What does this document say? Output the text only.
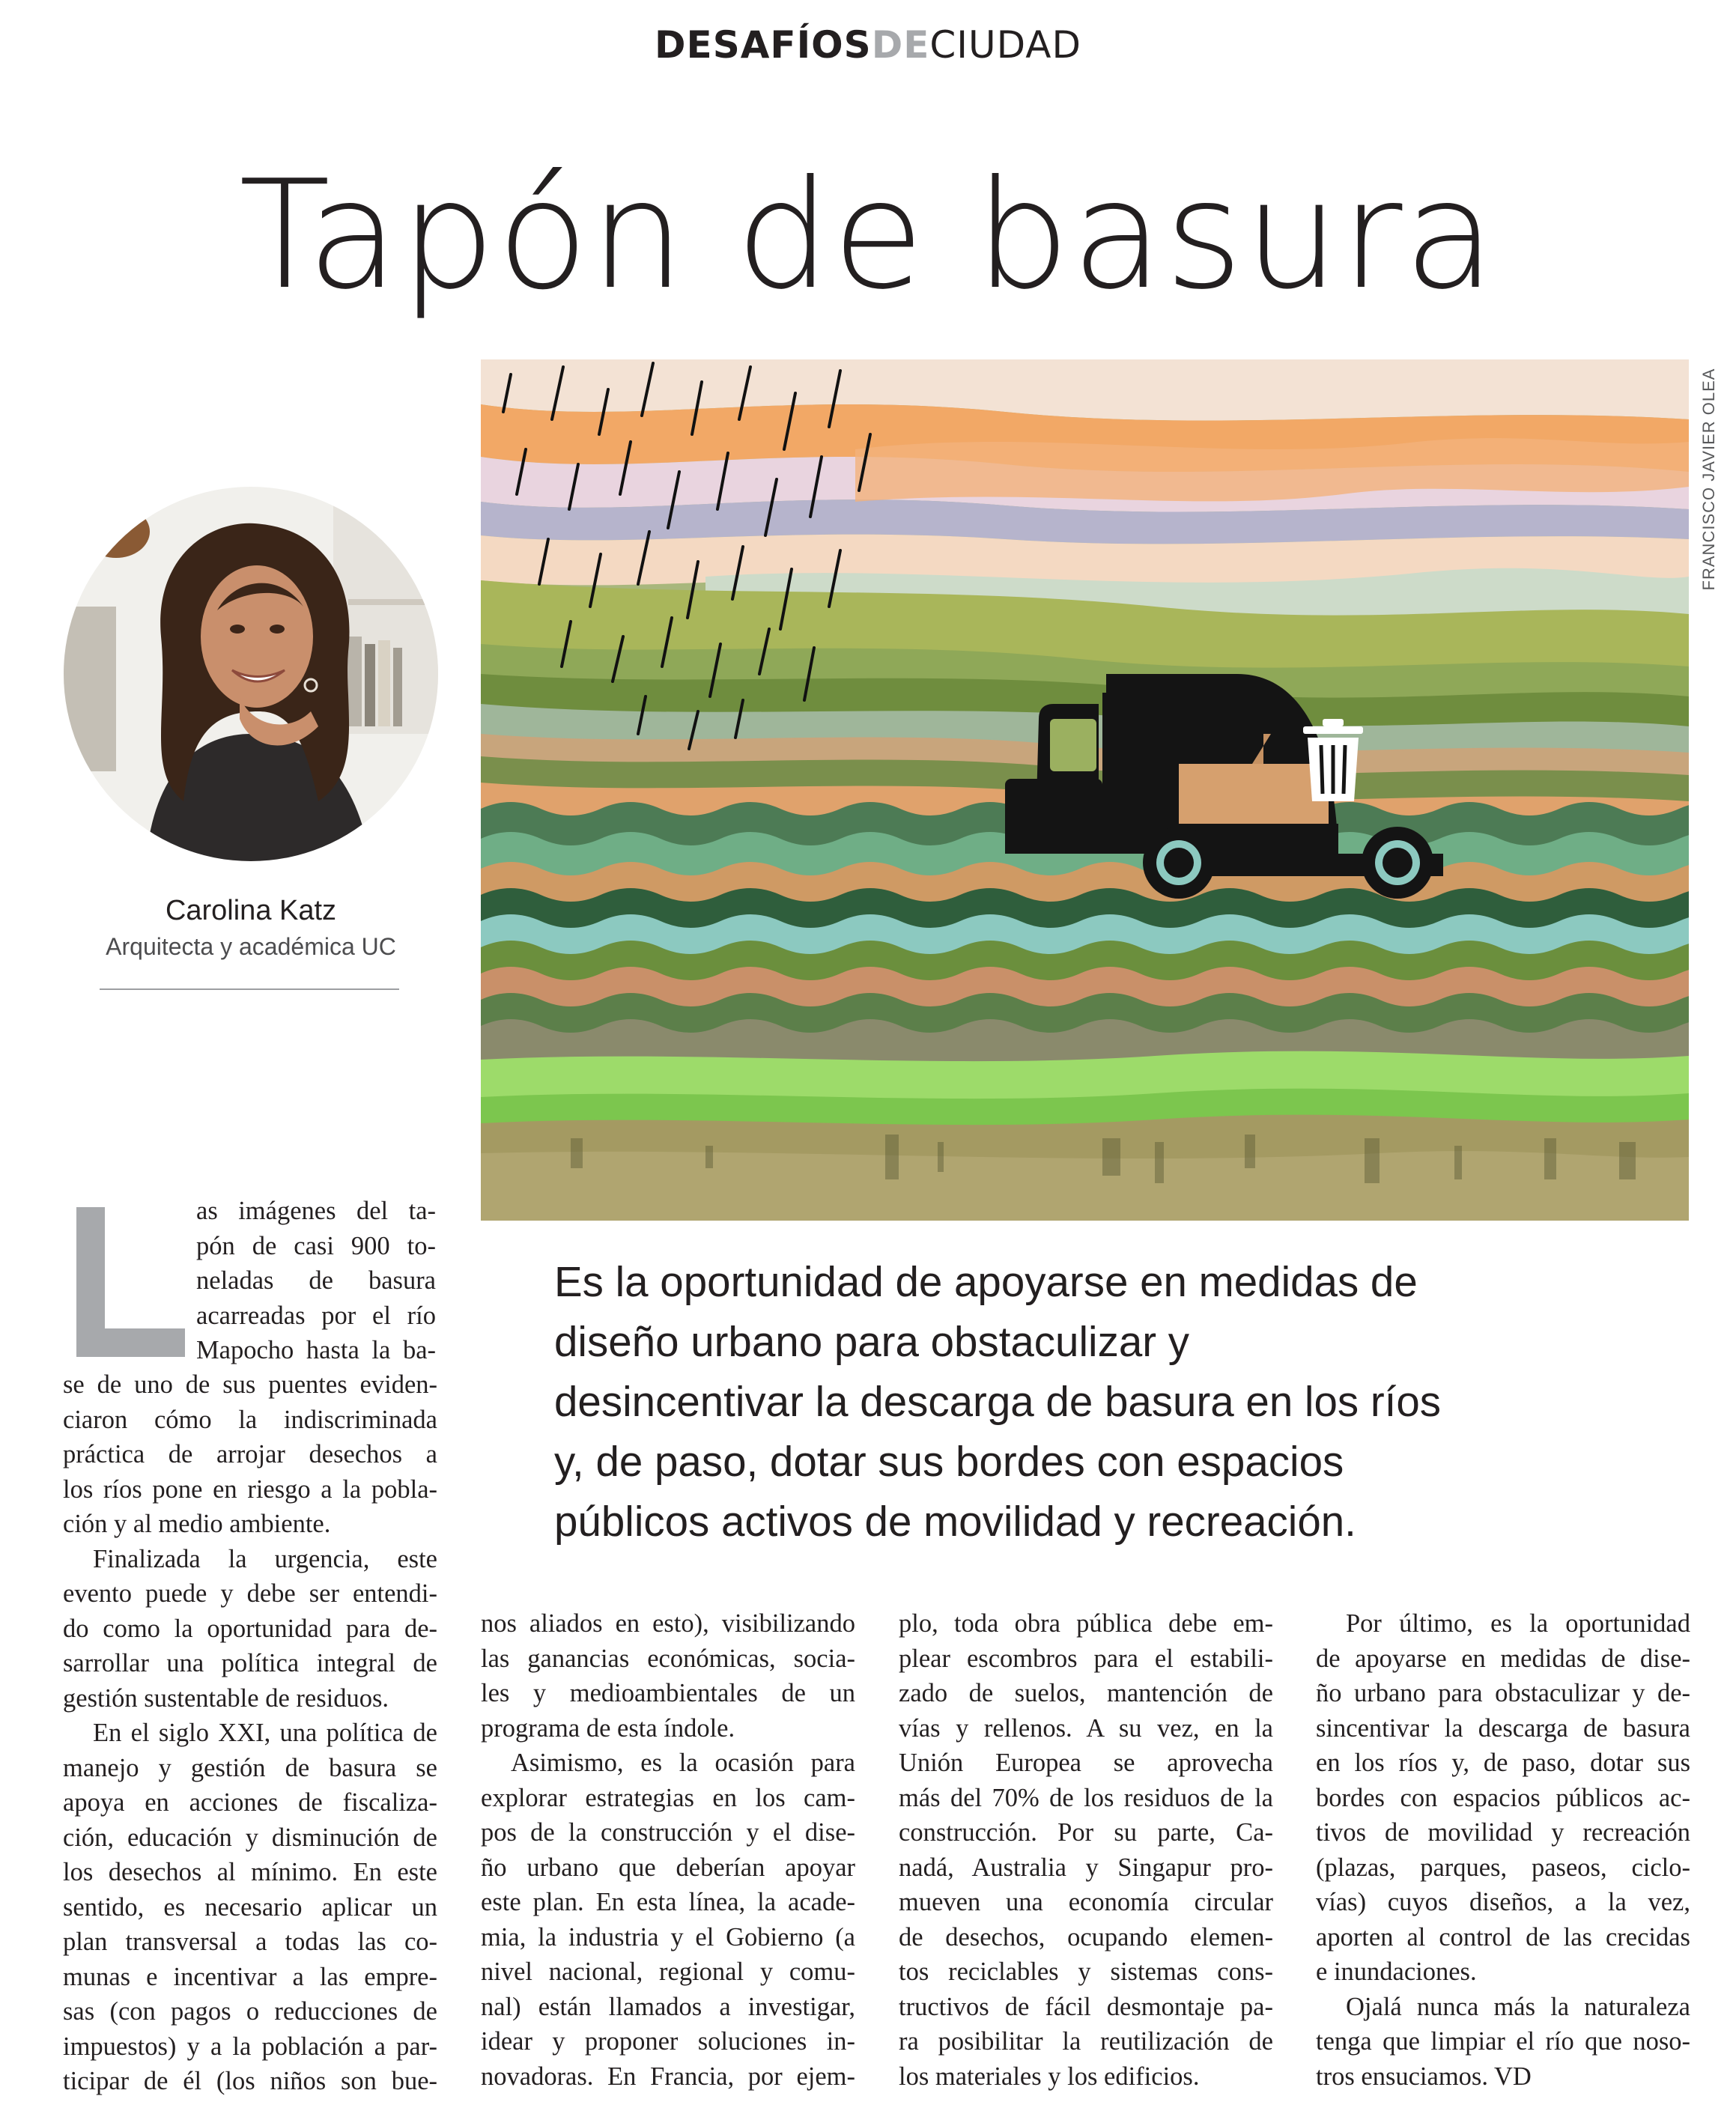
DESAFÍOSDECIUDAD
Tapón de basura
FRANCISCO JAVIER OLEA
Carolina Katz
Arquitecta y académica UC

Es la oportunidad de apoyarse en medidas de

diseño urbano para obstaculizar y

desincentivar la descarga de basura en los ríos

y, de paso, dotar sus bordes con espacios

públicos activos de movilidad y recreación.

as imágenes del ta-

pón de casi 900 to-

neladas de basura

acarreadas por el río

Mapocho hasta la ba-

se de uno de sus puentes eviden-

ciaron cómo la indiscriminada

práctica de arrojar desechos a

los ríos pone en riesgo a la pobla-

ción y al medio ambiente.

Finalizada la urgencia, este

evento puede y debe ser entendi-

do como la oportunidad para de-

sarrollar una política integral de

gestión sustentable de residuos.

En el siglo XXI, una política de

manejo y gestión de basura se

apoya en acciones de fiscaliza-

ción, educación y disminución de

los desechos al mínimo. En este

sentido, es necesario aplicar un

plan transversal a todas las co-

munas e incentivar a las empre-

sas (con pagos o reducciones de

impuestos) y a la población a par-

ticipar de él (los niños son bue-

nos aliados en esto), visibilizando

las ganancias económicas, socia-

les y medioambientales de un

programa de esta índole.

Asimismo, es la ocasión para

explorar estrategias en los cam-

pos de la construcción y el dise-

ño urbano que deberían apoyar

este plan. En esta línea, la acade-

mia, la industria y el Gobierno (a

nivel nacional, regional y comu-

nal) están llamados a investigar,

idear y proponer soluciones in-

novadoras. En Francia, por ejem-

plo, toda obra pública debe em-

plear escombros para el estabili-

zado de suelos, mantención de

vías y rellenos. A su vez, en la

Unión Europea se aprovecha

más del 70% de los residuos de la

construcción. Por su parte, Ca-

nadá, Australia y Singapur pro-

mueven una economía circular

de desechos, ocupando elemen-

tos reciclables y sistemas cons-

tructivos de fácil desmontaje pa-

ra posibilitar la reutilización de

los materiales y los edificios.

Por último, es la oportunidad

de apoyarse en medidas de dise-

ño urbano para obstaculizar y de-

sincentivar la descarga de basura

en los ríos y, de paso, dotar sus

bordes con espacios públicos ac-

tivos de movilidad y recreación

(plazas, parques, paseos, ciclo-

vías) cuyos diseños, a la vez,

aporten al control de las crecidas

e inundaciones.

Ojalá nunca más la naturaleza

tenga que limpiar el río que noso-

tros ensuciamos. VD
